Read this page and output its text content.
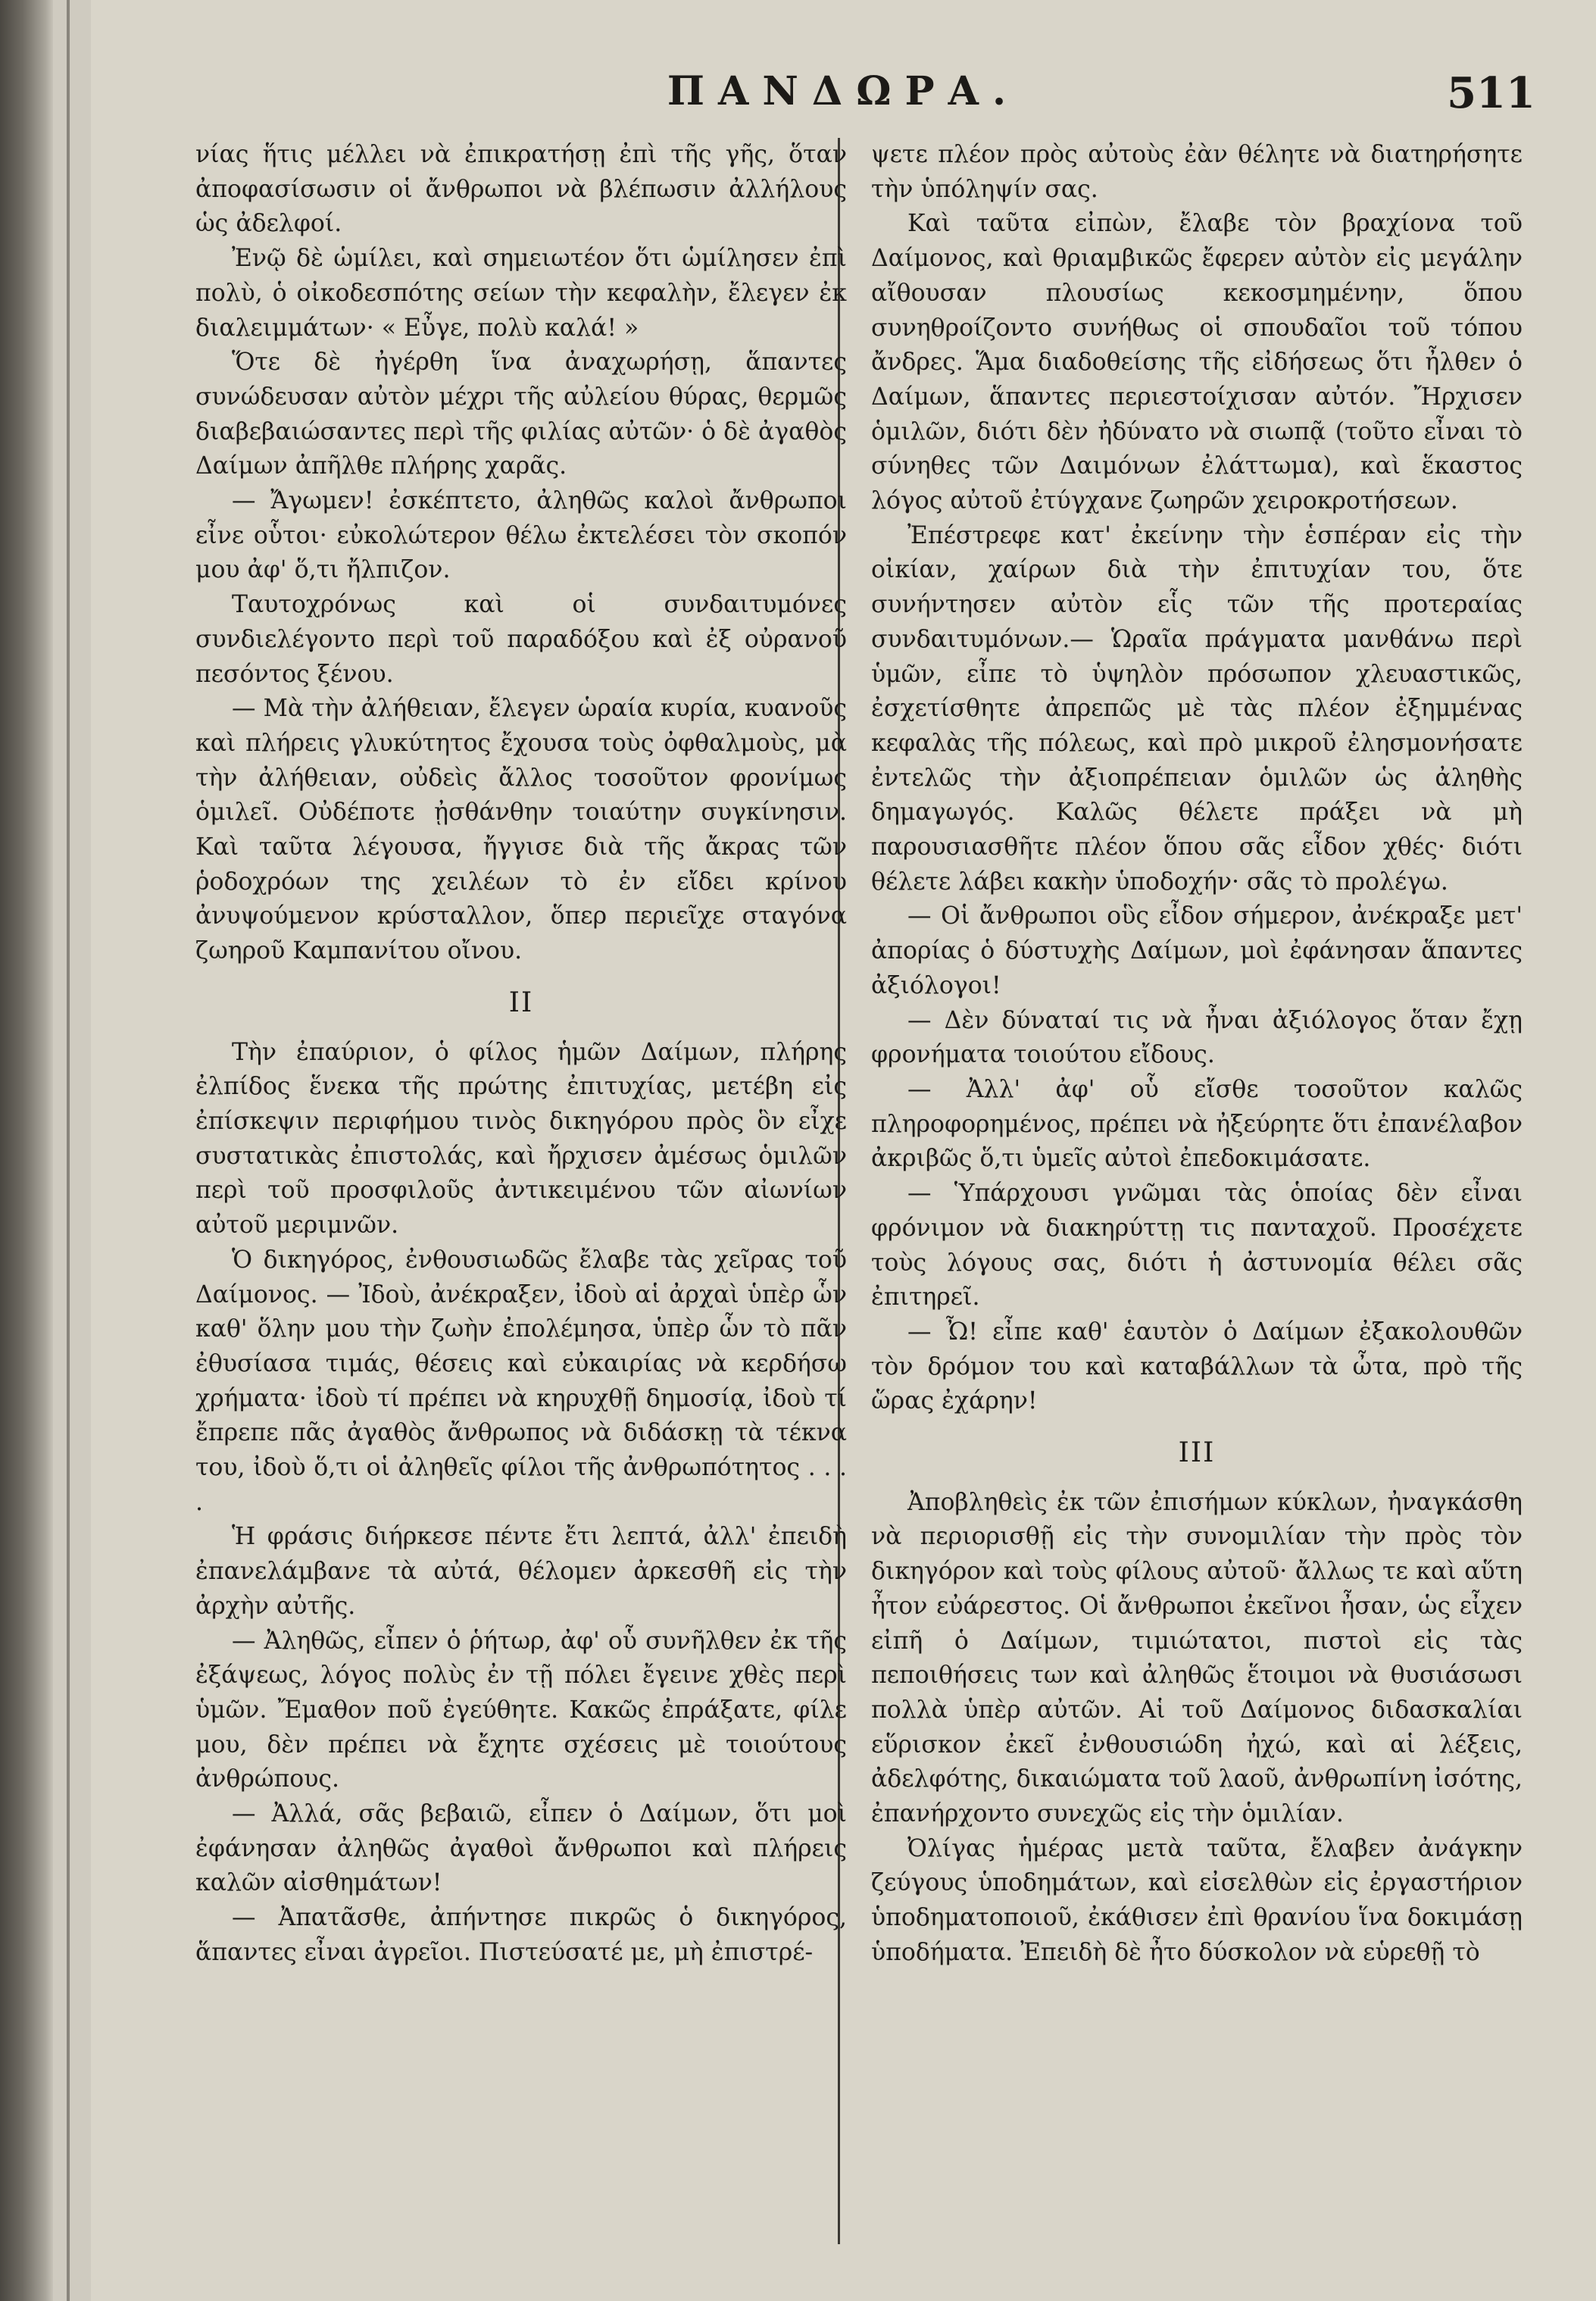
ΠΑΝΔΩΡΑ.	511

νίας ἥτις μέλλει νὰ ἐπικρατήσῃ ἐπὶ τῆς γῆς, ὅταν ἀποφασίσωσιν οἱ ἄνθρωποι νὰ βλέπωσιν ἀλλήλους ὡς ἀδελφοί.

Ἐνῷ δὲ ὡμίλει, καὶ σημειωτέον ὅτι ὡμίλησεν ἐπὶ πολὺ, ὁ οἰκοδεσπότης σείων τὴν κεφαλὴν, ἔλεγεν ἐκ διαλειμμάτων· « Εὖγε, πολὺ καλά! »

Ὅτε δὲ ἠγέρθη ἵνα ἀναχωρήσῃ, ἅπαντες συνώδευσαν αὐτὸν μέχρι τῆς αὐλείου θύρας, θερμῶς διαβεβαιώσαντες περὶ τῆς φιλίας αὐτῶν· ὁ δὲ ἀγαθὸς Δαίμων ἀπῆλθε πλήρης χαρᾶς.

— Ἄγωμεν! ἐσκέπτετο, ἀληθῶς καλοὶ ἄνθρωποι εἶνε οὗτοι· εὐκολώτερον θέλω ἐκτελέσει τὸν σκοπόν μου ἀφ' ὅ,τι ἤλπιζον.

Ταυτοχρόνως καὶ οἱ συνδαιτυμόνες συνδιελέγοντο περὶ τοῦ παραδόξου καὶ ἐξ οὐρανοῦ πεσόντος ξένου.

— Μὰ τὴν ἀλήθειαν, ἔλεγεν ὡραία κυρία, κυανοῦς καὶ πλήρεις γλυκύτητος ἔχουσα τοὺς ὀφθαλμοὺς, μὰ τὴν ἀλήθειαν, οὐδεὶς ἄλλος τοσοῦτον φρονίμως ὁμιλεῖ. Οὐδέποτε ᾐσθάνθην τοιαύτην συγκίνησιν. Καὶ ταῦτα λέγουσα, ἤγγισε διὰ τῆς ἄκρας τῶν ῥοδοχρόων της χειλέων τὸ ἐν εἴδει κρίνου ἀνυψούμενον κρύσταλλον, ὅπερ περιεῖχε σταγόνα ζωηροῦ Καμπανίτου οἴνου.

II

Τὴν ἐπαύριον, ὁ φίλος ἡμῶν Δαίμων, πλήρης ἐλπίδος ἕνεκα τῆς πρώτης ἐπιτυχίας, μετέβη εἰς ἐπίσκεψιν περιφήμου τινὸς δικηγόρου πρὸς ὃν εἶχε συστατικὰς ἐπιστολάς, καὶ ἤρχισεν ἀμέσως ὁμιλῶν περὶ τοῦ προσφιλοῦς ἀντικειμένου τῶν αἰωνίων αὐτοῦ μεριμνῶν.

Ὁ δικηγόρος, ἐνθουσιωδῶς ἔλαβε τὰς χεῖρας τοῦ Δαίμονος. — Ἰδοὺ, ἀνέκραξεν, ἰδοὺ αἱ ἀρχαὶ ὑπὲρ ὧν καθ' ὅλην μου τὴν ζωὴν ἐπολέμησα, ὑπὲρ ὧν τὸ πᾶν ἐθυσίασα τιμάς, θέσεις καὶ εὐκαιρίας νὰ κερδήσω χρήματα· ἰδοὺ τί πρέπει νὰ κηρυχθῇ δημοσίᾳ, ἰδοὺ τί ἔπρεπε πᾶς ἀγαθὸς ἄνθρωπος νὰ διδάσκῃ τὰ τέκνα του, ἰδοὺ ὅ,τι οἱ ἀληθεῖς φίλοι τῆς ἀνθρωπότητος . . . .

Ἡ φράσις διήρκεσε πέντε ἔτι λεπτά, ἀλλ' ἐπειδὴ ἐπανελάμβανε τὰ αὐτά, θέλομεν ἀρκεσθῆ εἰς τὴν ἀρχὴν αὐτῆς.

— Ἀληθῶς, εἶπεν ὁ ῥήτωρ, ἀφ' οὗ συνῆλθεν ἐκ τῆς ἐξάψεως, λόγος πολὺς ἐν τῇ πόλει ἔγεινε χθὲς περὶ ὑμῶν. Ἔμαθον ποῦ ἐγεύθητε. Κακῶς ἐπράξατε, φίλε μου, δὲν πρέπει νὰ ἔχητε σχέσεις μὲ τοιούτους ἀνθρώπους.

— Ἀλλά, σᾶς βεβαιῶ, εἶπεν ὁ Δαίμων, ὅτι μοὶ ἐφάνησαν ἀληθῶς ἀγαθοὶ ἄνθρωποι καὶ πλήρεις καλῶν αἰσθημάτων!

— Ἀπατᾶσθε, ἀπήντησε πικρῶς ὁ δικηγόρος, ἅπαντες εἶναι ἀγρεῖοι. Πιστεύσατέ με, μὴ ἐπιστρέ-

ψετε πλέον πρὸς αὐτοὺς ἐὰν θέλητε νὰ διατηρήσητε τὴν ὑπόληψίν σας.

Καὶ ταῦτα εἰπὼν, ἔλαβε τὸν βραχίονα τοῦ Δαίμονος, καὶ θριαμβικῶς ἔφερεν αὐτὸν εἰς μεγάλην αἴθουσαν πλουσίως κεκοσμημένην, ὅπου συνηθροίζοντο συνήθως οἱ σπουδαῖοι τοῦ τόπου ἄνδρες. Ἅμα διαδοθείσης τῆς εἰδήσεως ὅτι ἦλθεν ὁ Δαίμων, ἅπαντες περιεστοίχισαν αὐτόν. Ἤρχισεν ὁμιλῶν, διότι δὲν ἠδύνατο νὰ σιωπᾷ (τοῦτο εἶναι τὸ σύνηθες τῶν Δαιμόνων ἐλάττωμα), καὶ ἕκαστος λόγος αὐτοῦ ἐτύγχανε ζωηρῶν χειροκροτήσεων.

Ἐπέστρεφε κατ' ἐκείνην τὴν ἑσπέραν εἰς τὴν οἰκίαν, χαίρων διὰ τὴν ἐπιτυχίαν του, ὅτε συνήντησεν αὐτὸν εἷς τῶν τῆς προτεραίας συνδαιτυμόνων.— Ὡραῖα πράγματα μανθάνω περὶ ὑμῶν, εἶπε τὸ ὑψηλὸν πρόσωπον χλευαστικῶς, ἐσχετίσθητε ἀπρεπῶς μὲ τὰς πλέον ἐξημμένας κεφαλὰς τῆς πόλεως, καὶ πρὸ μικροῦ ἐλησμονήσατε ἐντελῶς τὴν ἀξιοπρέπειαν ὁμιλῶν ὡς ἀληθὴς δημαγωγός. Καλῶς θέλετε πράξει νὰ μὴ παρουσιασθῆτε πλέον ὅπου σᾶς εἶδον χθές· διότι θέλετε λάβει κακὴν ὑποδοχήν· σᾶς τὸ προλέγω.

— Οἱ ἄνθρωποι οὓς εἶδον σήμερον, ἀνέκραξε μετ' ἀπορίας ὁ δύστυχὴς Δαίμων, μοὶ ἐφάνησαν ἅπαντες ἀξιόλογοι!

— Δὲν δύναταί τις νὰ ἦναι ἀξιόλογος ὅταν ἔχῃ φρονήματα τοιούτου εἴδους.

— Ἀλλ' ἀφ' οὗ εἴσθε τοσοῦτον καλῶς πληροφορημένος, πρέπει νὰ ἠξεύρητε ὅτι ἐπανέλαβον ἀκριβῶς ὅ,τι ὑμεῖς αὐτοὶ ἐπεδοκιμάσατε.

— Ὑπάρχουσι γνῶμαι τὰς ὁποίας δὲν εἶναι φρόνιμον νὰ διακηρύττῃ τις πανταχοῦ. Προσέχετε τοὺς λόγους σας, διότι ἡ ἀστυνομία θέλει σᾶς ἐπιτηρεῖ.

— Ὦ! εἶπε καθ' ἑαυτὸν ὁ Δαίμων ἐξακολουθῶν τὸν δρόμον του καὶ καταβάλλων τὰ ὦτα, πρὸ τῆς ὥρας ἐχάρην!

III

Ἀποβληθεὶς ἐκ τῶν ἐπισήμων κύκλων, ἠναγκάσθη νὰ περιορισθῇ εἰς τὴν συνομιλίαν τὴν πρὸς τὸν δικηγόρον καὶ τοὺς φίλους αὐτοῦ· ἄλλως τε καὶ αὕτη ἦτον εὐάρεστος. Οἱ ἄνθρωποι ἐκεῖνοι ἦσαν, ὡς εἶχεν εἰπῆ ὁ Δαίμων, τιμιώτατοι, πιστοὶ εἰς τὰς πεποιθήσεις των καὶ ἀληθῶς ἕτοιμοι νὰ θυσιάσωσι πολλὰ ὑπὲρ αὐτῶν. Αἱ τοῦ Δαίμονος διδασκαλίαι εὕρισκον ἐκεῖ ἐνθουσιώδη ἠχώ, καὶ αἱ λέξεις, ἀδελφότης, δικαιώματα τοῦ λαοῦ, ἀνθρωπίνη ἰσότης, ἐπανήρχοντο συνεχῶς εἰς τὴν ὁμιλίαν.

Ὀλίγας ἡμέρας μετὰ ταῦτα, ἔλαβεν ἀνάγκην ζεύγους ὑποδημάτων, καὶ εἰσελθὼν εἰς ἐργαστήριον ὑποδηματοποιοῦ, ἐκάθισεν ἐπὶ θρανίου ἵνα δοκιμάσῃ ὑποδήματα. Ἐπειδὴ δὲ ἦτο δύσκολον νὰ εὑρεθῇ τὸ
